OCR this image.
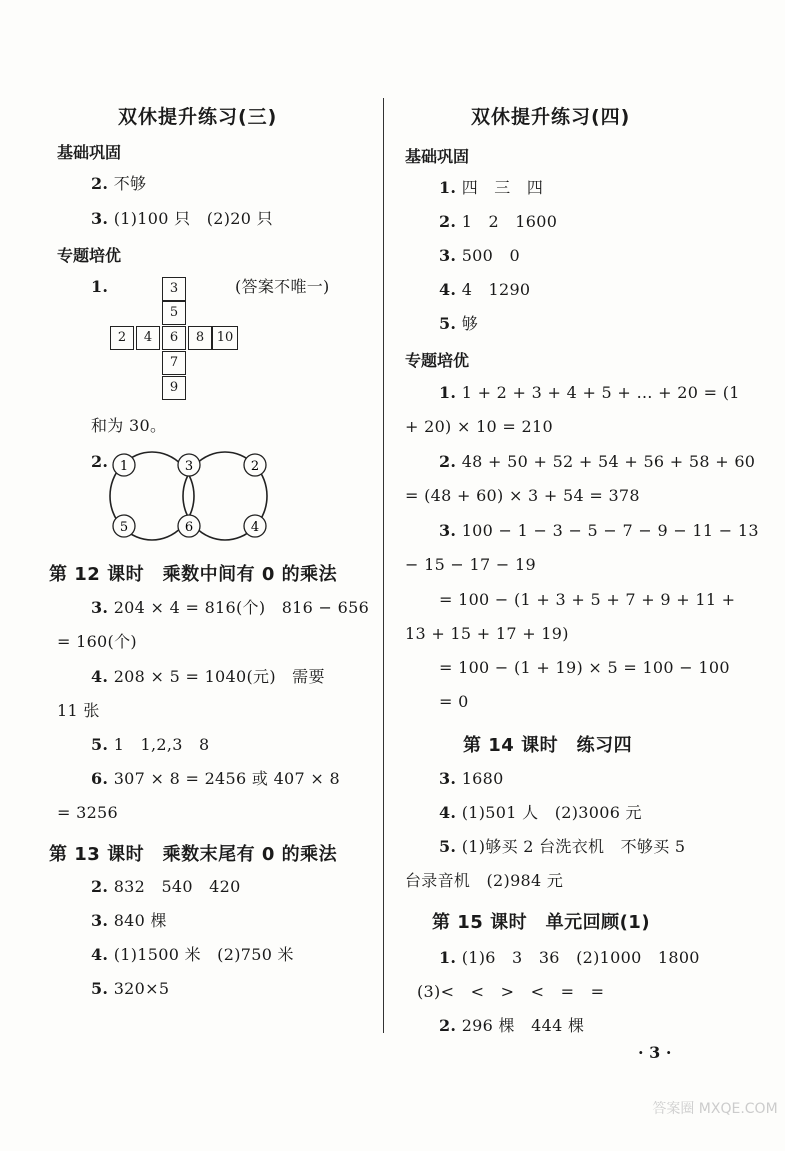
双休提升练习(三)
基础巩固
2. 不够
3. (1)100 只　(2)20 只
专题培优
1.	(答案不唯一)
3
5
2	4	6	8 10
7
9
和为 30。
2. 1	3	2
5	6	4
第 12 课时　乘数中间有 0 的乘法
3. 204 × 4 = 816(个)　816 − 656
= 160(个)
4. 208 × 5 = 1040(元)　需要
11 张
5. 1　1,2,3　8
6. 307 × 8 = 2456 或 407 × 8
= 3256
第 13 课时　乘数末尾有 0 的乘法
2. 832　540　420
3. 840 棵
4. (1)1500 米　(2)750 米
5. 320×5
双休提升练习(四)
基础巩固
1. 四　三　四
2. 1　2　1600
3. 500　0
4. 4　1290
5. 够
专题培优
1. 1 + 2 + 3 + 4 + 5 + … + 20 = (1
+ 20) × 10 = 210
2. 48 + 50 + 52 + 54 + 56 + 58 + 60
= (48 + 60) × 3 + 54 = 378
3. 100 − 1 − 3 − 5 − 7 − 9 − 11 − 13
− 15 − 17 − 19
= 100 − (1 + 3 + 5 + 7 + 9 + 11 +
13 + 15 + 17 + 19)
= 100 − (1 + 19) × 5 = 100 − 100
= 0
第 14 课时　练习四
3. 1680
4. (1)501 人　(2)3006 元
5. (1)够买 2 台洗衣机　不够买 5
台录音机　(2)984 元
第 15 课时　单元回顾(1)
1. (1)6　3　36　(2)1000　1800
(3)<　<　>　<　=　=
2. 296 棵　444 棵
· 3 ·
答案圈 MXQE.COM
